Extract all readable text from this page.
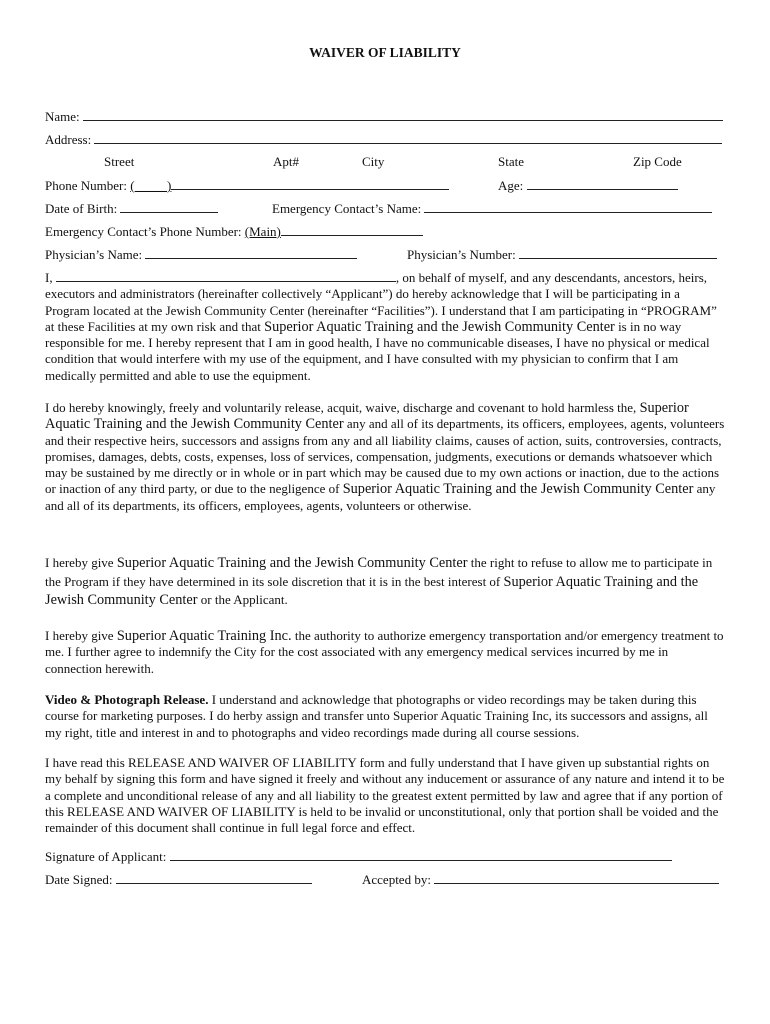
WAIVER OF LIABILITY
Name:
Address:
Street	Apt#	City	State	Zip Code
Phone Number: (_____)	Age:
Date of Birth:	Emergency Contact’s Name:
Emergency Contact’s Phone Number: (Main)
Physician’s Name:	Physician’s Number:

I,	, on behalf of myself, and any descendants, ancestors, heirs, executors and administrators (hereinafter collectively “Applicant”) do hereby acknowledge that I will be participating in a Program located at the Jewish Community Center (hereinafter “Facilities”). I understand that I am participating in “PROGRAM” at these Facilities at my own risk and that Superior Aquatic Training and the Jewish Community Center is in no way responsible for me. I hereby represent that I am in good health, I have no communicable diseases, I have no physical or medical condition that would interfere with my use of the equipment, and I have consulted with my physician to confirm that I am medically permitted and able to use the equipment.

I do hereby knowingly, freely and voluntarily release, acquit, waive, discharge and covenant to hold harmless the, Superior Aquatic Training and the Jewish Community Center any and all of its departments, its officers, employees, agents, volunteers and their respective heirs, successors and assigns from any and all liability claims, causes of action, suits, controversies, contracts, promises, damages, debts, costs, expenses, loss of services, compensation, judgments, executions or demands whatsoever which may be sustained by me directly or in whole or in part which may be caused due to my own actions or inaction, due to the actions or inaction of any third party, or due to the negligence of Superior Aquatic Training and the Jewish Community Center any and all of its departments, its officers, employees, agents, volunteers or otherwise.

I hereby give Superior Aquatic Training and the Jewish Community Center the right to refuse to allow me to participate in the Program if they have determined in its sole discretion that it is in the best interest of Superior Aquatic Training and the Jewish Community Center or the Applicant.

I hereby give Superior Aquatic Training Inc. the authority to authorize emergency transportation and/or emergency treatment to me. I further agree to indemnify the City for the cost associated with any emergency medical services incurred by me in connection herewith.

Video & Photograph Release. I understand and acknowledge that photographs or video recordings may be taken during this course for marketing purposes. I do herby assign and transfer unto Superior Aquatic Training Inc, its successors and assigns, all my right, title and interest in and to photographs and video recordings made during all course sessions.

I have read this RELEASE AND WAIVER OF LIABILITY form and fully understand that I have given up substantial rights on my behalf by signing this form and have signed it freely and without any inducement or assurance of any nature and intend it to be a complete and unconditional release of any and all liability to the greatest extent permitted by law and agree that if any portion of this RELEASE AND WAIVER OF LIABILITY is held to be invalid or unconstitutional, only that portion shall be voided and the remainder of this document shall continue in full legal force and effect.

Signature of Applicant:
Date Signed:	Accepted by:
